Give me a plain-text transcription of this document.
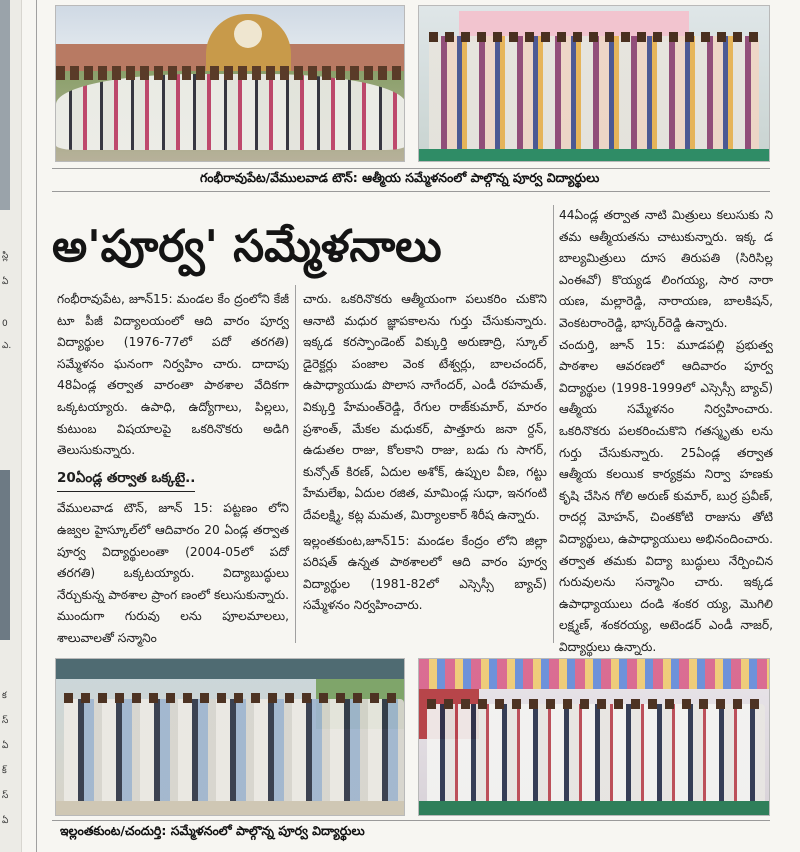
స్లి
ఏ
0
ఎ.
క
స్
ఏ
క్
స్
ఏ
గంభీరావుపేట/వేములవాడ టౌన్: ఆత్మీయ సమ్మేళనంలో పాల్గొన్న పూర్వ విద్యార్థులు
అ'పూర్వ' సమ్మేళనాలు

గంభీరావుపేట, జూన్15: మండల కేం ద్రంలోని కేజీ టూ పీజీ విద్యాలయంలో ఆది వారం పూర్వ విద్యార్థుల (1976-77లో పదో తరగతి) సమ్మేళనం ఘనంగా నిర్వహిం చారు. దాదాపు 48ఏండ్ల తర్వాత వారంతా పాఠశాల వేదికగా ఒక్కటయ్యారు. ఉపాధి, ఉద్యోగాలు, పిల్లలు, కుటుంబ విషయాలపై ఒకరినొకరు అడిగి తెలుసుకున్నారు.

20ఏండ్ల తర్వాత ఒక్కటై..

వేములవాడ టౌన్, జూన్ 15: పట్టణం లోని ఉజ్వల హైస్కూల్‌లో ఆదివారం 20 ఏండ్ల తర్వాత పూర్వ విద్యార్థులంతా (2004-05లో పదో తరగతి) ఒక్కటయ్యారు. విద్యాబుద్ధులు నేర్చుకున్న పాఠశాల ప్రాంగ ణంలో కలుసుకున్నారు. ముందుగా గురువు లను పూలమాలలు, శాలువాలతో సన్మానిం

చారు. ఒకరినొకరు ఆత్మీయంగా పలుకరిం చుకొని ఆనాటి మధుర జ్ఞాపకాలను గుర్తు చేసుకున్నారు. ఇక్కడ కరస్పాండెంట్ విక్కుర్తి అరుణాద్రి, స్కూల్ డైరెక్టర్లు పంజాల వెంక టేశ్వర్లు, బాలచందర్, ఉపాధ్యాయుడు పొలాస నాగేందర్, ఎండీ రహమత్, విక్కుర్తి హేమంత్‌రెడ్డి, రేగుల రాజ్‌కుమార్, మారం ప్రశాంత్, మేకల మధుకర్, పాత్తూరు జనా ర్దన్, ఉడుతల రాజు, కోలకాని రాజు, బడు గు సాగర్, కున్సోత్ కిరణ్, ఏదుల అశోక్, ఉప్పుల వీణ, గట్టు హేమలేఖ, ఏదుల రజిత, మామిండ్ల సుధా, ఇనగంటి దేవలక్ష్మి, కట్ల మమత, మిర్యాలకార్ శిరీష ఉన్నారు.

ఇల్లంతకుంట,జూన్15: మండల కేంద్రం లోని జిల్లా పరిషత్ ఉన్నత పాఠశాలలో ఆది వారం పూర్వ విద్యార్థుల (1981-82లో ఎస్సెస్సీ బ్యాచ్) సమ్మేళనం నిర్వహించారు.

44ఏండ్ల తర్వాత నాటి మిత్రులు కలుసుకు ని తమ ఆత్మీయతను చాటుకున్నారు. ఇక్క డ బాల్యమిత్రులు దూస తిరుపతి (సిరిసిల్ల ఎంఈవో) కొయ్యడ లింగయ్య, సార నారా యణ, మల్లారెడ్డి, నారాయణ, బాలకిషన్, వెంకటరాంరెడ్డి, భాస్కర్‌రెడ్డి ఉన్నారు.

చందుర్తి, జూన్ 15: మూడపల్లి ప్రభుత్వ పాఠశాల ఆవరణలో ఆదివారం పూర్వ విద్యార్థుల (1998-1999లో ఎస్సెస్సీ బ్యాచ్) ఆత్మీయ సమ్మేళనం నిర్వహించారు. ఒకరినొకరు పలకరించుకొని గతస్మృతు లను గుర్తు చేసుకున్నారు. 25ఏండ్ల తర్వాత ఆత్మీయ కలయిక కార్యక్రమ నిర్వా హణకు కృషి చేసిన గోలి అరుణ్ కుమార్, బుర్ర ప్రవీణ్, రాదర్ల మోహన్, చింతకోటి రాజును తోటి విద్యార్థులు, ఉపాధ్యాయులు అభినందించారు. తర్వాత తమకు విద్యా బుద్ధులు నేర్పించిన గురువులను సన్మానిం చారు. ఇక్కడ ఉపాధ్యాయులు దండి శంకర య్య, మొగిలి లక్ష్మణ్, శంకరయ్య, అటెండర్ ఎండీ నాజర్, విద్యార్థులు ఉన్నారు.

ఇల్లంతకుంట/చందుర్తి: సమ్మేళనంలో పాల్గొన్న పూర్వ విద్యార్థులు
